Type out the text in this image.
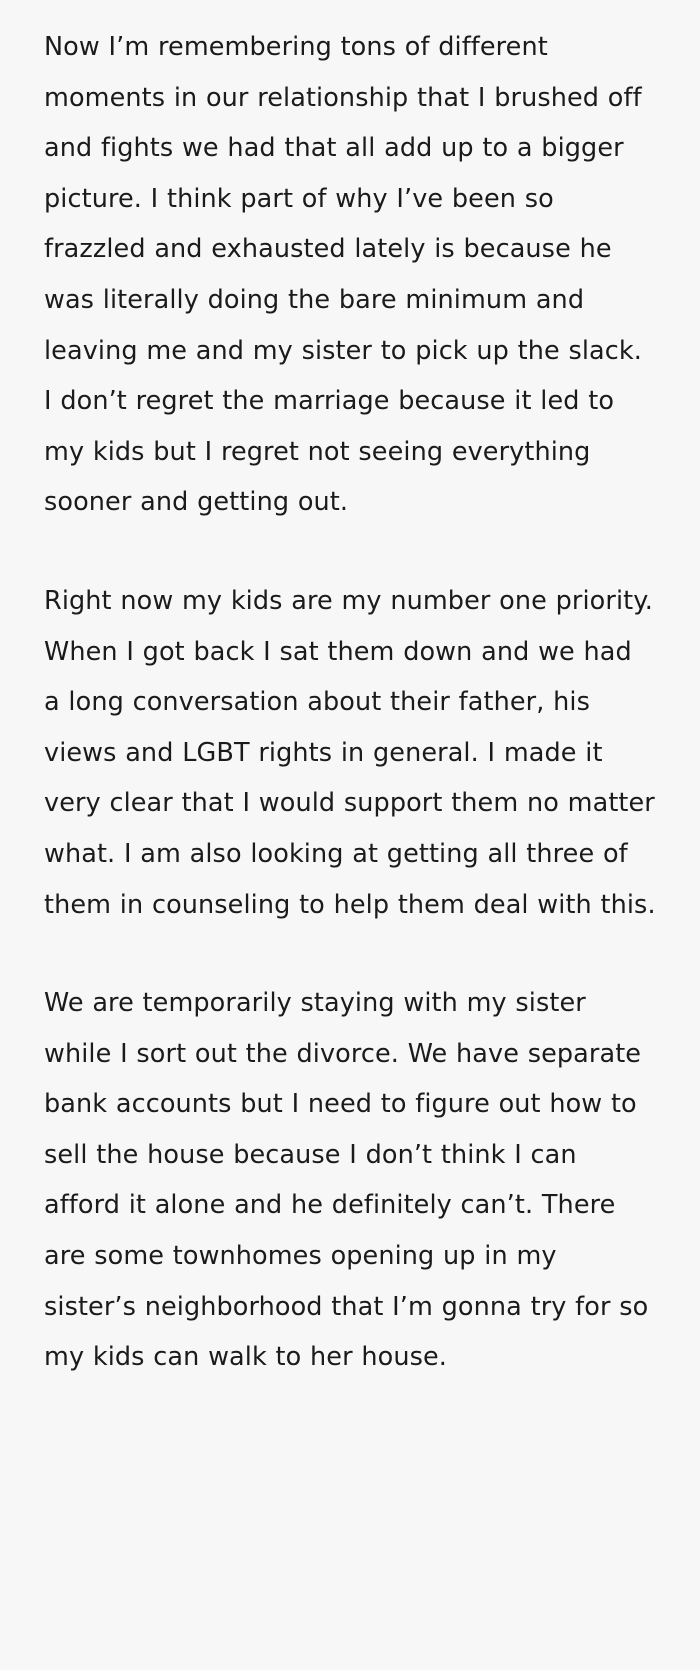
Now I’m remembering tons of different moments in our relationship that I brushed off and fights we had that all add up to a bigger picture. I think part of why I’ve been so frazzled and exhausted lately is because he was literally doing the bare minimum and leaving me and my sister to pick up the slack. I don’t regret the marriage because it led to my kids but I regret not seeing everything sooner and getting out.

Right now my kids are my number one priority. When I got back I sat them down and we had a long conversation about their father, his views and LGBT rights in general. I made it very clear that I would support them no matter what. I am also looking at getting all three of them in counseling to help them deal with this.

We are temporarily staying with my sister while I sort out the divorce. We have separate bank accounts but I need to figure out how to sell the house because I don’t think I can afford it alone and he definitely can’t. There are some townhomes opening up in my sister’s neighborhood that I’m gonna try for so my kids can walk to her house.
